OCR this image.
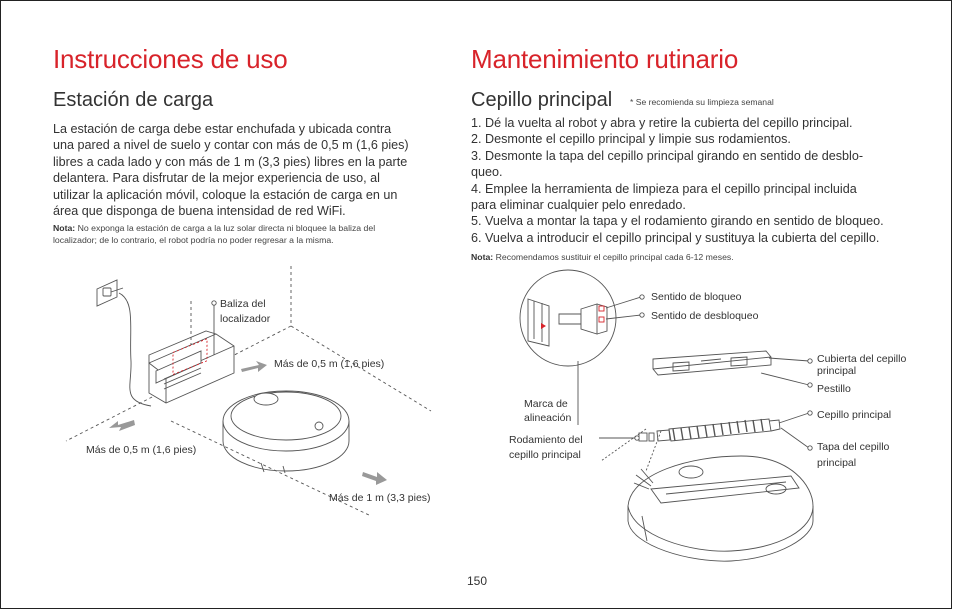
Instrucciones de uso
Estación de carga
La estación de carga debe estar enchufada y ubicada contra
una pared a nivel de suelo y contar con más de 0,5 m (1,6 pies)
libres a cada lado y con más de 1 m (3,3 pies) libres en la parte
delantera. Para disfrutar de la mejor experiencia de uso, al
utilizar la aplicación móvil, coloque la estación de carga en un
área que disponga de buena intensidad de red WiFi.
Nota: No exponga la estación de carga a la luz solar directa ni bloquee la baliza del
localizador; de lo contrario, el robot podría no poder regresar a la misma.
Mantenimiento rutinario
Cepillo principal * Se recomienda su limpieza semanal
1. Dé la vuelta al robot y abra y retire la cubierta del cepillo principal.
2. Desmonte el cepillo principal y limpie sus rodamientos.
3. Desmonte la tapa del cepillo principal girando en sentido de desblo-
queo.
4. Emplee la herramienta de limpieza para el cepillo principal incluida
para eliminar cualquier pelo enredado.
5. Vuelva a montar la tapa y el rodamiento girando en sentido de bloqueo.
6. Vuelva a introducir el cepillo principal y sustituya la cubierta del cepillo.
Nota: Recomendamos sustituir el cepillo principal cada 6-12 meses.
Baliza del
localizador
Más de 0,5 m (1,6 pies)
Más de 0,5 m (1,6 pies)
Más de 1 m (3,3 pies)
Sentido de bloqueo
Sentido de desbloqueo
Cubierta del cepillo
principal
Pestillo
Cepillo principal
Tapa del cepillo
principal
Marca de
alineación
Rodamiento del
cepillo principal
150
